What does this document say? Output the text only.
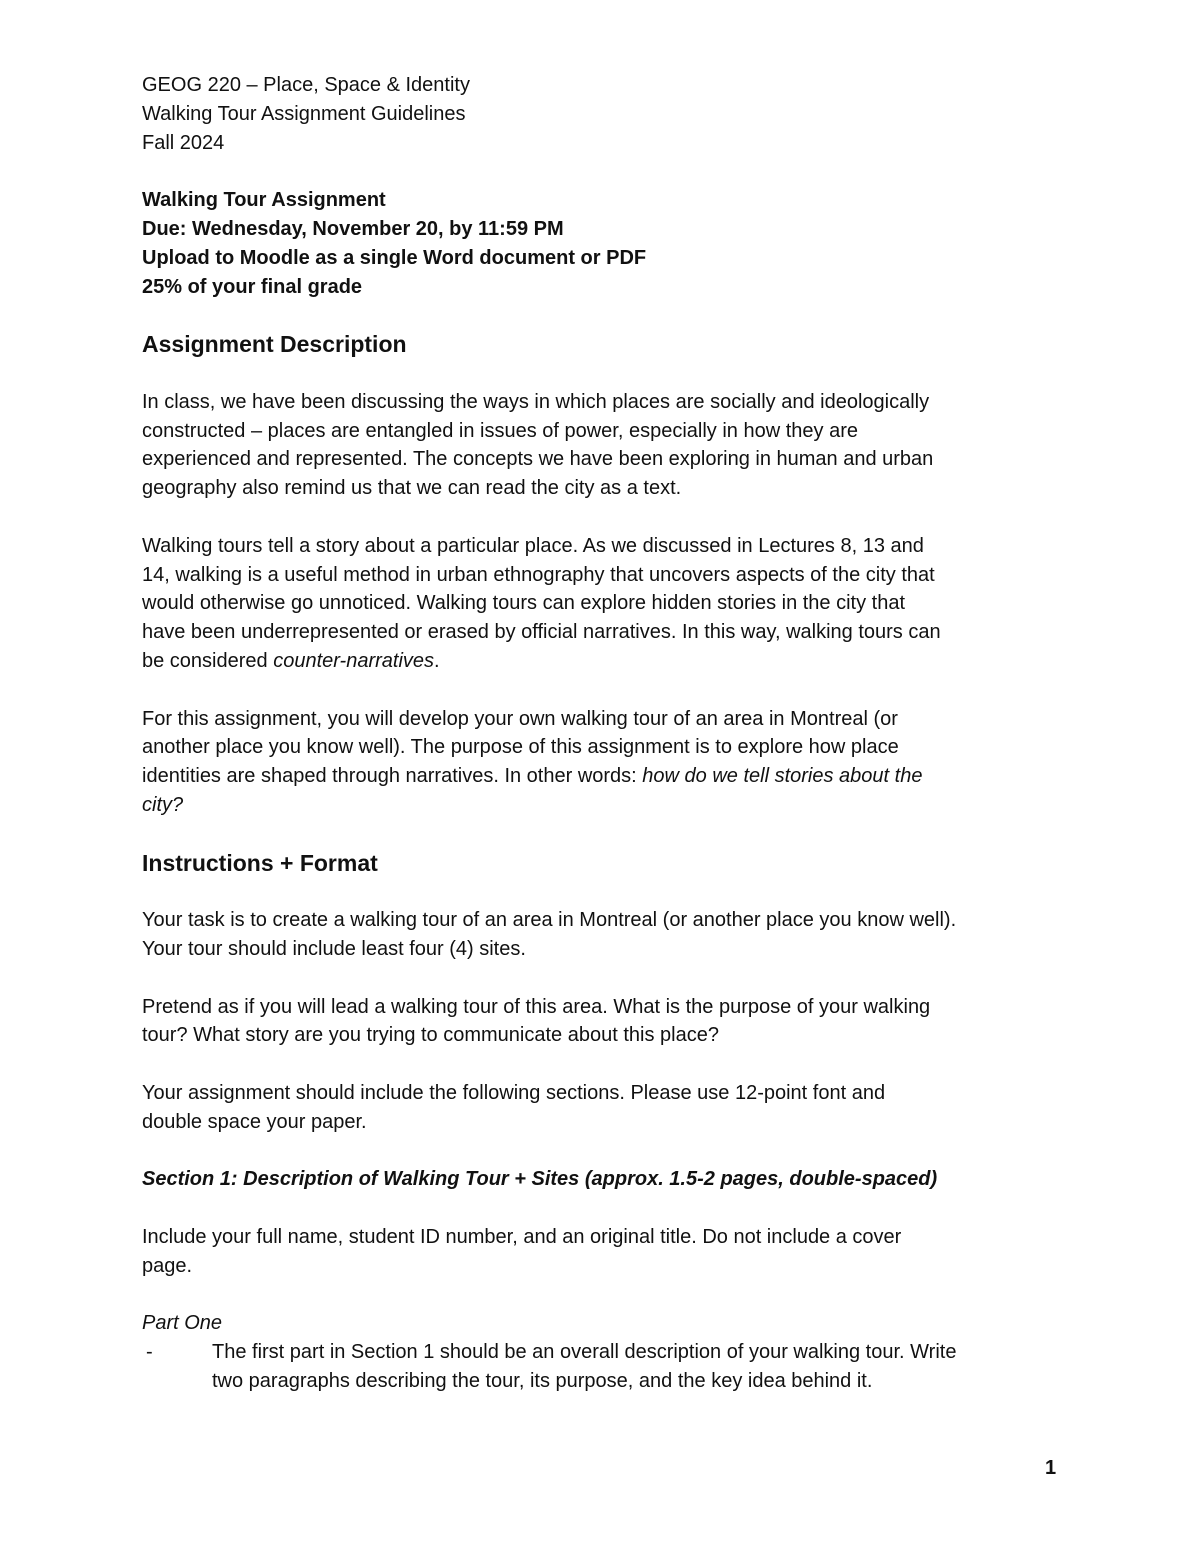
GEOG 220 – Place, Space & Identity
Walking Tour Assignment Guidelines
Fall 2024
Walking Tour Assignment
Due: Wednesday, November 20, by 11:59 PM
Upload to Moodle as a single Word document or PDF
25% of your final grade
Assignment Description
In class, we have been discussing the ways in which places are socially and ideologically
constructed – places are entangled in issues of power, especially in how they are
experienced and represented. The concepts we have been exploring in human and urban
geography also remind us that we can read the city as a text.
Walking tours tell a story about a particular place. As we discussed in Lectures 8, 13 and
14, walking is a useful method in urban ethnography that uncovers aspects of the city that
would otherwise go unnoticed. Walking tours can explore hidden stories in the city that
have been underrepresented or erased by official narratives. In this way, walking tours can
be considered counter-narratives.
For this assignment, you will develop your own walking tour of an area in Montreal (or
another place you know well). The purpose of this assignment is to explore how place
identities are shaped through narratives. In other words: how do we tell stories about the
city?
Instructions + Format
Your task is to create a walking tour of an area in Montreal (or another place you know well).
Your tour should include least four (4) sites.
Pretend as if you will lead a walking tour of this area. What is the purpose of your walking
tour? What story are you trying to communicate about this place?
Your assignment should include the following sections. Please use 12-point font and
double space your paper.
Section 1: Description of Walking Tour + Sites (approx. 1.5-2 pages, double-spaced)
Include your full name, student ID number, and an original title. Do not include a cover
page.
Part One
-	The first part in Section 1 should be an overall description of your walking tour. Write
two paragraphs describing the tour, its purpose, and the key idea behind it.
1
